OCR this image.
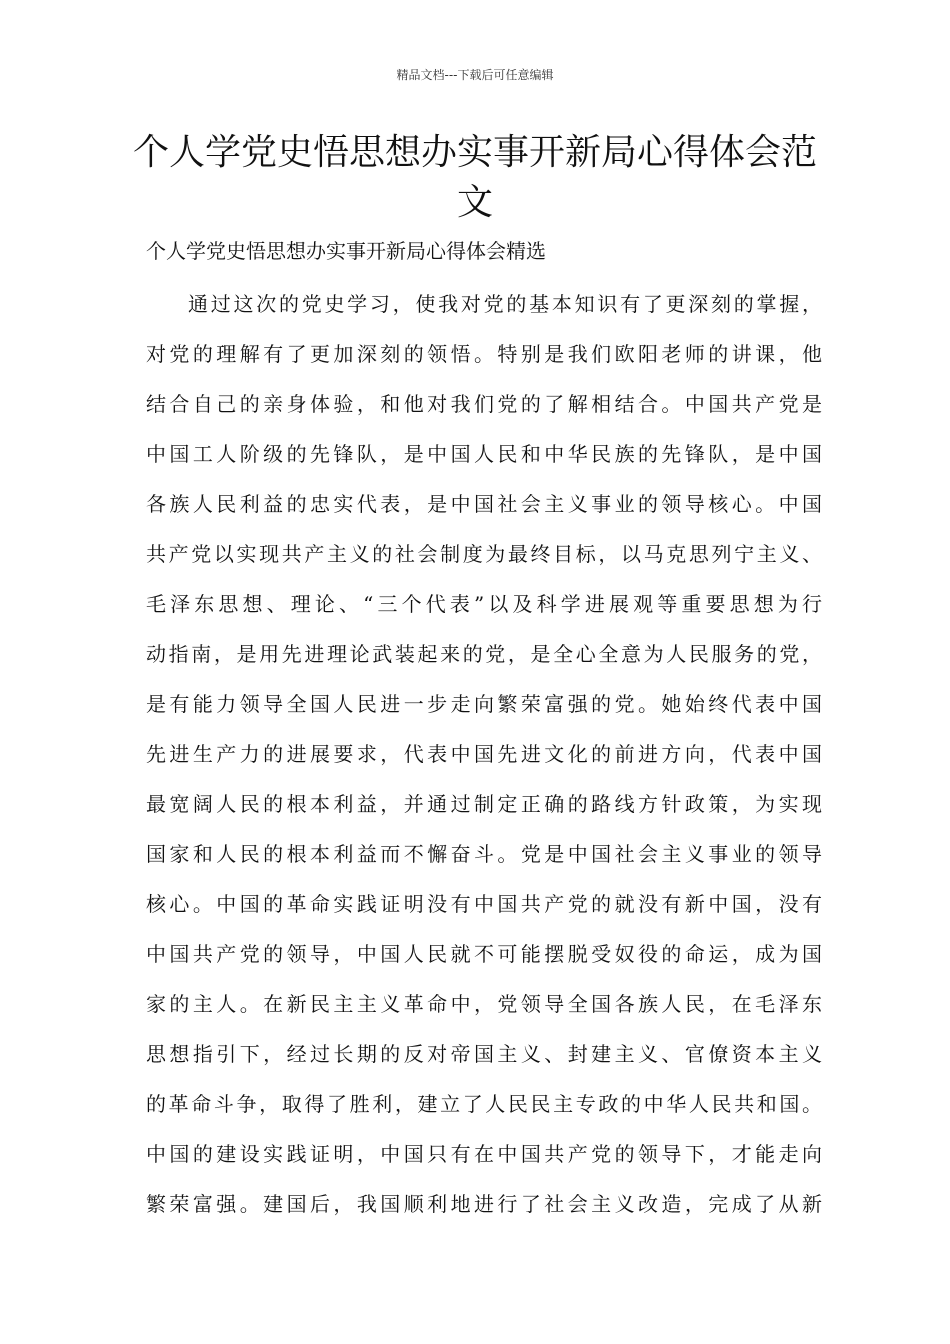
精品文档---下载后可任意编辑
个人学党史悟思想办实事开新局心得体会范文

个人学党史悟思想办实事开新局心得体会精选

通过这次的党史学习，使我对党的基本知识有了更深刻的掌握，
对党的理解有了更加深刻的领悟。特别是我们欧阳老师的讲课，他
结合自己的亲身体验，和他对我们党的了解相结合。中国共产党是
中国工人阶级的先锋队，是中国人民和中华民族的先锋队，是中国
各族人民利益的忠实代表，是中国社会主义事业的领导核心。中国
共产党以实现共产主义的社会制度为最终目标，以马克思列宁主义、
毛泽东思想、理论、“三个代表”以及科学进展观等重要思想为行
动指南，是用先进理论武装起来的党，是全心全意为人民服务的党，
是有能力领导全国人民进一步走向繁荣富强的党。她始终代表中国
先进生产力的进展要求，代表中国先进文化的前进方向，代表中国
最宽阔人民的根本利益，并通过制定正确的路线方针政策，为实现
国家和人民的根本利益而不懈奋斗。党是中国社会主义事业的领导
核心。中国的革命实践证明没有中国共产党的就没有新中国，没有
中国共产党的领导，中国人民就不可能摆脱受奴役的命运，成为国
家的主人。在新民主主义革命中，党领导全国各族人民，在毛泽东
思想指引下，经过长期的反对帝国主义、封建主义、官僚资本主义
的革命斗争，取得了胜利，建立了人民民主专政的中华人民共和国。
中国的建设实践证明，中国只有在中国共产党的领导下，才能走向
繁荣富强。建国后，我国顺利地进行了社会主义改造，完成了从新
